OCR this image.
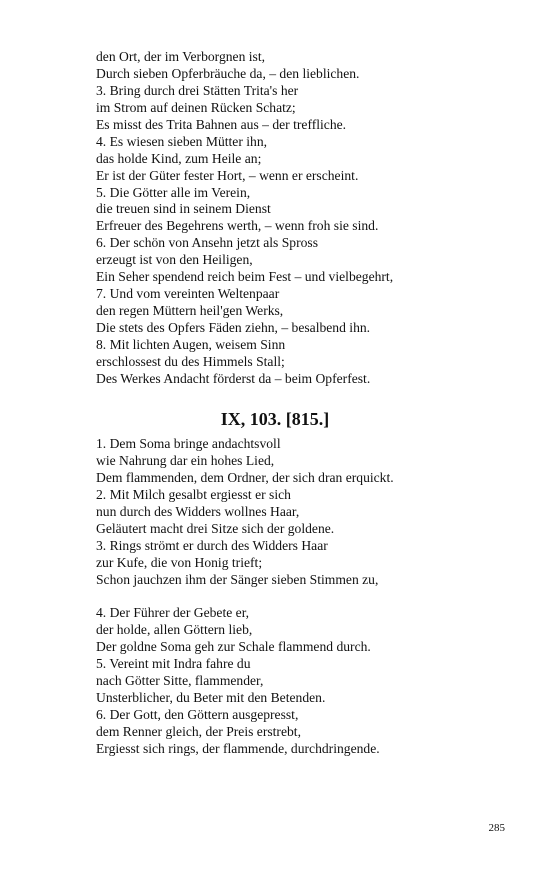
den Ort, der im Verborgnen ist,
Durch sieben Opferbräuche da, – den lieblichen.
3. Bring durch drei Stätten Trita's her
im Strom auf deinen Rücken Schatz;
Es misst des Trita Bahnen aus – der treffliche.
4. Es wiesen sieben Mütter ihn,
das holde Kind, zum Heile an;
Er ist der Güter fester Hort, – wenn er erscheint.
5. Die Götter alle im Verein,
die treuen sind in seinem Dienst
Erfreuer des Begehrens werth, – wenn froh sie sind.
6. Der schön von Ansehn jetzt als Spross
erzeugt ist von den Heiligen,
Ein Seher spendend reich beim Fest – und vielbegehrt,
7. Und vom vereinten Weltenpaar
den regen Müttern heil'gen Werks,
Die stets des Opfers Fäden ziehn, – besalbend ihn.
8. Mit lichten Augen, weisem Sinn
erschlossest du des Himmels Stall;
Des Werkes Andacht förderst da – beim Opferfest.
IX, 103. [815.]
1. Dem Soma bringe andachtsvoll
wie Nahrung dar ein hohes Lied,
Dem flammenden, dem Ordner, der sich dran erquickt.
2. Mit Milch gesalbt ergiesst er sich
nun durch des Widders wollnes Haar,
Geläutert macht drei Sitze sich der goldene.
3. Rings strömt er durch des Widders Haar
zur Kufe, die von Honig trieft;
Schon jauchzen ihm der Sänger sieben Stimmen zu,
4. Der Führer der Gebete er,
der holde, allen Göttern lieb,
Der goldne Soma geh zur Schale flammend durch.
5. Vereint mit Indra fahre du
nach Götter Sitte, flammender,
Unsterblicher, du Beter mit den Betenden.
6. Der Gott, den Göttern ausgepresst,
dem Renner gleich, der Preis erstrebt,
Ergiesst sich rings, der flammende, durchdringende.
285
